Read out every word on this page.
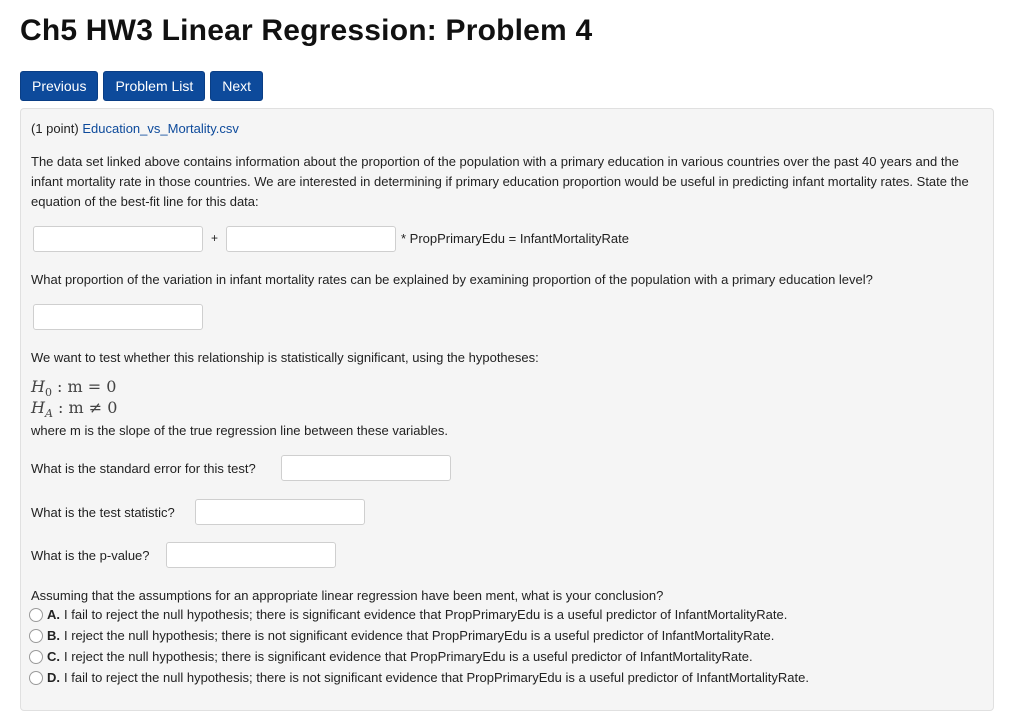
Ch5 HW3 Linear Regression: Problem 4
Previous	Problem List	Next
(1 point) Education_vs_Mortality.csv
The data set linked above contains information about the proportion of the population with a primary education in various countries over the past 40 years and the infant mortality rate in those countries. We are interested in determining if primary education proportion would be useful in predicting infant mortality rates. State the equation of the best-fit line for this data:
+	* PropPrimaryEdu = InfantMortalityRate
What proportion of the variation in infant mortality rates can be explained by examining proportion of the population with a primary education level?
We want to test whether this relationship is statistically significant, using the hypotheses:
$H_0$ : m = 0
$H_A$ : m ≠ 0
where m is the slope of the true regression line between these variables.
What is the standard error for this test?
What is the test statistic?
What is the p-value?
Assuming that the assumptions for an appropriate linear regression have been ment, what is your conclusion?
A. I fail to reject the null hypothesis; there is significant evidence that PropPrimaryEdu is a useful predictor of InfantMortalityRate.
B. I reject the null hypothesis; there is not significant evidence that PropPrimaryEdu is a useful predictor of InfantMortalityRate.
C. I reject the null hypothesis; there is significant evidence that PropPrimaryEdu is a useful predictor of InfantMortalityRate.
D. I fail to reject the null hypothesis; there is not significant evidence that PropPrimaryEdu is a useful predictor of InfantMortalityRate.
